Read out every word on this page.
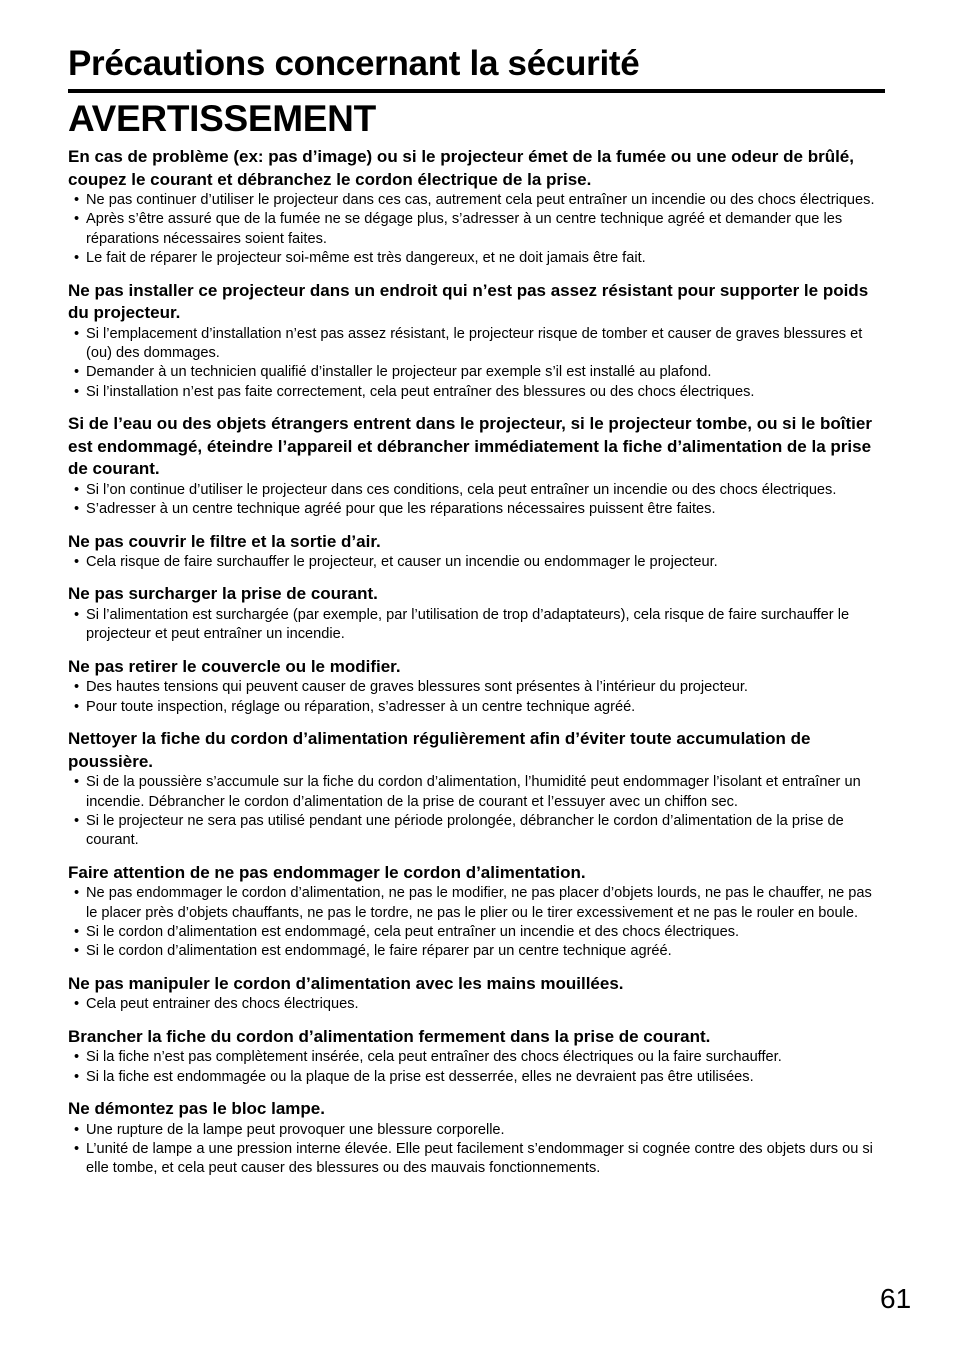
Précautions concernant la sécurité
AVERTISSEMENT
En cas de problème (ex: pas d’image) ou si le projecteur émet de la fumée ou une odeur de brûlé, coupez le courant et débranchez le cordon électrique de la prise.
• Ne pas continuer d’utiliser le projecteur dans ces cas, autrement cela peut entraîner un incendie ou des chocs électriques.
• Après s’être assuré que de la fumée ne se dégage plus, s’adresser à un centre technique agréé et demander que les réparations nécessaires soient faites.
• Le fait de réparer le projecteur soi-même est très dangereux, et ne doit jamais être fait.
Ne pas installer ce projecteur dans un endroit qui n’est pas assez résistant pour supporter le poids du projecteur.
• Si l’emplacement d’installation n’est pas assez résistant, le projecteur risque de tomber et causer de graves blessures et (ou) des dommages.
• Demander à un technicien qualifié d’installer le projecteur par exemple s’il est installé au plafond.
• Si l’installation n’est pas faite correctement, cela peut entraîner des blessures ou des chocs électriques.
Si de l’eau ou des objets étrangers entrent dans le projecteur, si le projecteur tombe, ou si le boîtier est endommagé, éteindre l’appareil et débrancher immédiatement la fiche d’alimentation de la prise de courant.
• Si l’on continue d’utiliser le projecteur dans ces conditions, cela peut entraîner un incendie ou des chocs électriques.
• S’adresser à un centre technique agréé pour que les réparations nécessaires puissent être faites.
Ne pas couvrir le filtre et la sortie d’air.
• Cela risque de faire surchauffer le projecteur, et causer un incendie ou endommager le projecteur.
Ne pas surcharger la prise de courant.
• Si l’alimentation est surchargée (par exemple, par l’utilisation de trop d’adaptateurs), cela risque de faire surchauffer le projecteur et peut entraîner un incendie.
Ne pas retirer le couvercle ou le modifier.
• Des hautes tensions qui peuvent causer de graves blessures sont présentes à l’intérieur du projecteur.
• Pour toute inspection, réglage ou réparation, s’adresser à un centre technique agréé.
Nettoyer la fiche du cordon d’alimentation régulièrement afin d’éviter toute accumulation de poussière.
• Si de la poussière s’accumule sur la fiche du cordon d’alimentation, l’humidité peut endommager l’isolant et entraîner un incendie. Débrancher le cordon d’alimentation de la prise de courant et l’essuyer avec un chiffon sec.
• Si le projecteur ne sera pas utilisé pendant une période prolongée, débrancher le cordon d’alimentation de la prise de courant.
Faire attention de ne pas endommager le cordon d’alimentation.
• Ne pas endommager le cordon d’alimentation, ne pas le modifier, ne pas placer d’objets lourds, ne pas le chauffer, ne pas le placer près d’objets chauffants, ne pas le tordre, ne pas le plier ou le tirer excessivement et ne pas le rouler en boule.
• Si le cordon d’alimentation est endommagé, cela peut entraîner un incendie et des chocs électriques.
• Si le cordon d’alimentation est endommagé, le faire réparer par un centre technique agréé.
Ne pas manipuler le cordon d’alimentation avec les mains mouillées.
• Cela peut entrainer des chocs électriques.
Brancher la fiche du cordon d’alimentation fermement dans la prise de courant.
• Si la fiche n’est pas complètement insérée, cela peut entraîner des chocs électriques ou la faire surchauffer.
• Si la fiche est endommagée ou la plaque de la prise est desserrée, elles ne devraient pas être utilisées.
Ne démontez pas le bloc lampe.
• Une rupture de la lampe peut provoquer une blessure corporelle.
• L’unité de lampe a une pression interne élevée. Elle peut facilement s’endommager si cognée contre des objets durs ou si elle tombe, et cela peut causer des blessures ou des mauvais fonctionnements.
61
